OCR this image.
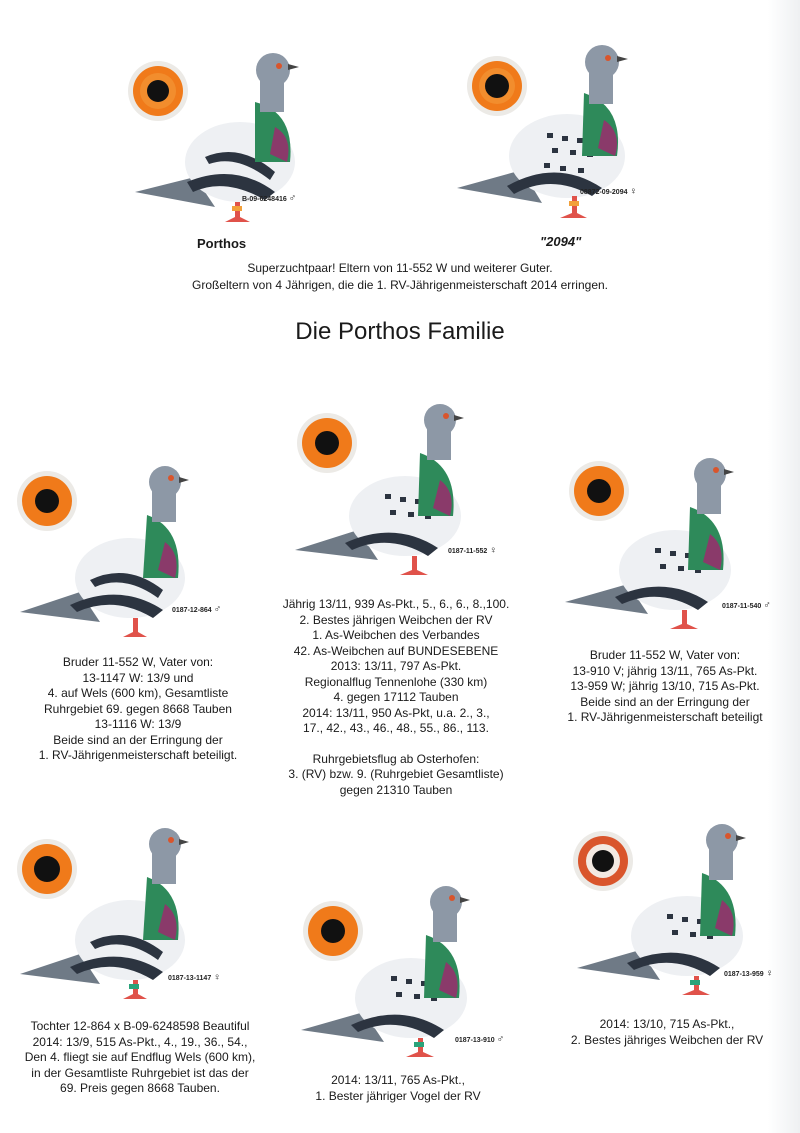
B-09-6248416 ♂
Porthos
08872-09-2094 ♀
"2094"
Superzuchtpaar! Eltern von 11-552 W und weiterer Guter.
Großeltern von 4 Jährigen, die die 1. RV-Jährigenmeisterschaft 2014 erringen.
Die Porthos Familie
0187-12-864 ♂
Bruder 11-552 W, Vater von:
13-1147 W: 13/9 und
4. auf Wels (600 km), Gesamtliste
Ruhrgebiet 69. gegen 8668 Tauben
13-1116 W: 13/9
Beide sind an der Erringung der
1. RV-Jährigenmeisterschaft beteiligt.
0187-11-552 ♀
Jährig 13/11, 939 As-Pkt., 5., 6., 6., 8.,100.
2. Bestes jährigen Weibchen der RV
1. As-Weibchen des Verbandes
42. As-Weibchen auf BUNDESEBENE
2013: 13/11, 797 As-Pkt.
Regionalflug Tennenlohe (330 km)
4. gegen 17112 Tauben
2014: 13/11, 950 As-Pkt, u.a. 2., 3.,
17., 42., 43., 46., 48., 55., 86., 113.
Ruhrgebietsflug ab Osterhofen:
3. (RV) bzw. 9. (Ruhrgebiet Gesamtliste)
gegen 21310 Tauben
0187-11-540 ♂
Bruder 11-552 W, Vater von:
13-910 V; jährig 13/11, 765 As-Pkt.
13-959 W; jährig 13/10, 715 As-Pkt.
Beide sind an der Erringung der
1. RV-Jährigenmeisterschaft beteiligt
0187-13-1147 ♀
Tochter 12-864 x B-09-6248598 Beautiful
2014: 13/9, 515 As-Pkt., 4., 19., 36., 54.,
Den 4. fliegt sie auf Endflug Wels (600 km),
in der Gesamtliste Ruhrgebiet ist das der
69. Preis gegen 8668 Tauben.
0187-13-910 ♂
2014: 13/11, 765 As-Pkt.,
1. Bester jähriger Vogel der RV
0187-13-959 ♀
2014: 13/10, 715 As-Pkt.,
2. Bestes jähriges Weibchen der RV
